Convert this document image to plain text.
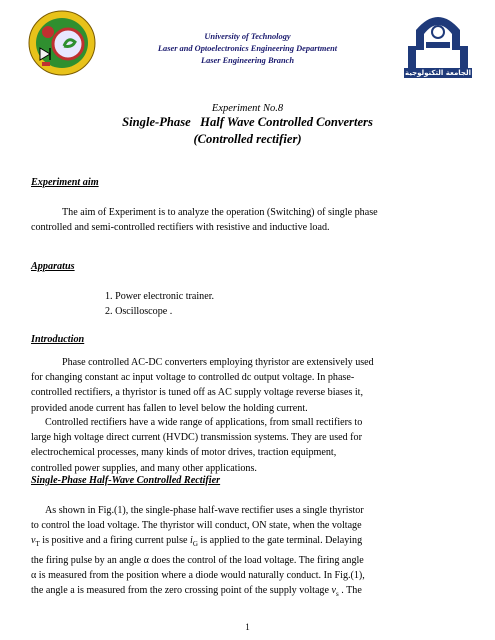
الجامعة التكنولوجية
University of Technology
Laser and Optoelectronics Engineering Department
Laser Engineering Branch
Experiment No.8
Single-Phase   Half Wave Controlled Converters
(Controlled rectifier)
Experiment aim
The aim of Experiment is to analyze the operation (Switching) of single phase
controlled and semi-controlled rectifiers with resistive and inductive load.
Apparatus
1. Power electronic trainer.
2. Oscilloscope .
Introduction
Phase controlled AC-DC converters employing thyristor are extensively used
for changing constant ac input voltage to controlled dc output voltage. In phase-
controlled rectifiers, a thyristor is tuned off as AC supply voltage reverse biases it,
provided anode current has fallen to level below the holding current.
Controlled rectifiers have a wide range of applications, from small rectifiers to
large high voltage direct current (HVDC) transmission systems. They are used for
electrochemical processes, many kinds of motor drives, traction equipment,
controlled power supplies, and many other applications.
Single-Phase Half-Wave Controlled Rectifier
As shown in Fig.(1), the single-phase half-wave rectifier uses a single thyristor
to control the load voltage. The thyristor will conduct, ON state, when the voltage
$v_T$ is positive and a firing current pulse $i_G$ is applied to the gate terminal. Delaying
the firing pulse by an angle α does the control of the load voltage. The firing angle
α is measured from the position where a diode would naturally conduct. In Fig.(1),
the angle a is measured from the zero crossing point of the supply voltage $v_s$ . The
1
